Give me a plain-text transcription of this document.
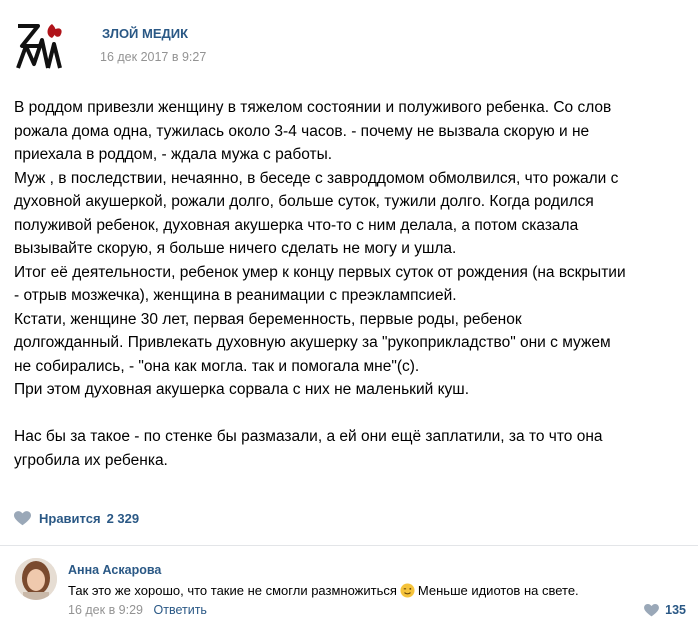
ЗЛОЙ МЕДИК
16 дек 2017 в 9:27

В роддом привезли женщину в тяжелом состоянии и полуживого ребенка. Со слов

рожала дома одна, тужилась около 3-4 часов. - почему не вызвала скорую и не

приехала в роддом, - ждала мужа с работы.

Муж , в последствии, нечаянно, в беседе с завроддомом обмолвился, что рожали с

духовной акушеркой, рожали долго, больше суток, тужили долго. Когда родился

полуживой ребенок, духовная акушерка что-то с ним делала, а потом сказала

вызывайте скорую, я больше ничего сделать не могу и ушла.

Итог её деятельности, ребенок умер к концу первых суток от рождения (на вскрытии

- отрыв мозжечка), женщина в реанимации с преэклампсией.

Кстати, женщине 30 лет, первая беременность, первые роды, ребенок

долгожданный. Привлекать духовную акушерку за "рукоприкладство" они с мужем

не собирались, - "она как могла. так и помогала мне"(с).

При этом духовная акушерка сорвала с них не маленький куш.

Нас бы за такое - по стенке бы размазали, а ей они ещё заплатили, за то что она

угробила их ребенка.

Нравится 2 329
Анна Аскарова
Так это же хорошо, что такие не смогли размножиться Меньше идиотов на свете.
16 дек в 9:29 Ответить	135
